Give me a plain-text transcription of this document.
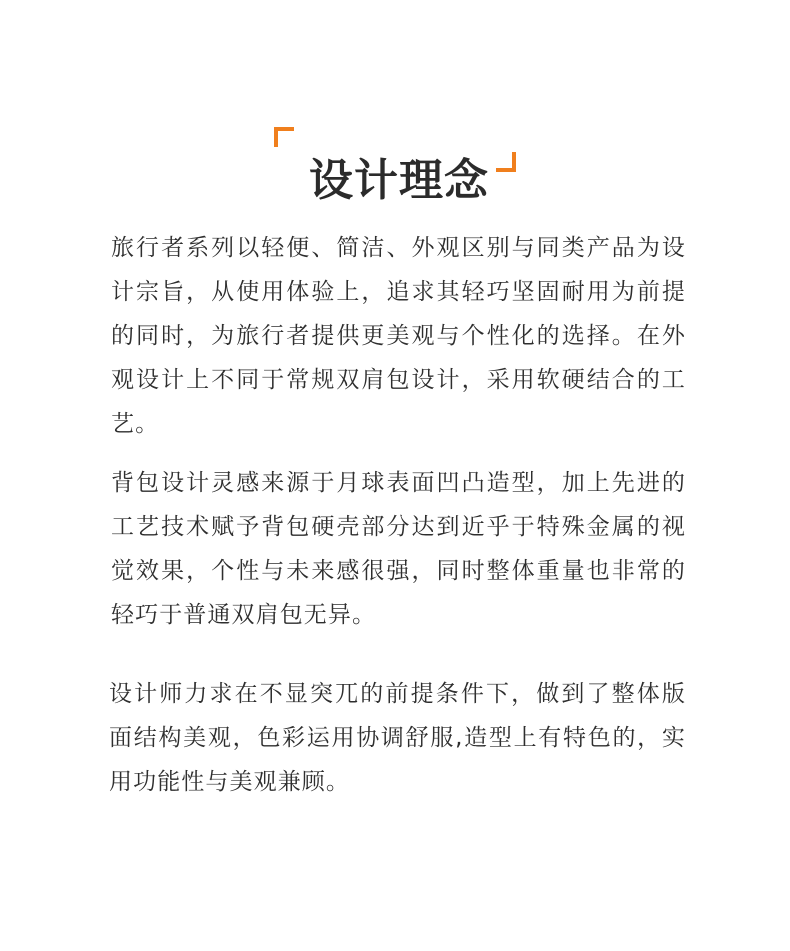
设计理念

旅行者系列以轻便、简洁、外观区别与同类产品为设计宗旨，从使用体验上，追求其轻巧坚固耐用为前提的同时，为旅行者提供更美观与个性化的选择。在外观设计上不同于常规双肩包设计，采用软硬结合的工艺。

背包设计灵感来源于月球表面凹凸造型，加上先进的工艺技术赋予背包硬壳部分达到近乎于特殊金属的视觉效果，个性与未来感很强，同时整体重量也非常的轻巧于普通双肩包无异。

设计师力求在不显突兀的前提条件下，做到了整体版面结构美观，色彩运用协调舒服,造型上有特色的，实用功能性与美观兼顾。
